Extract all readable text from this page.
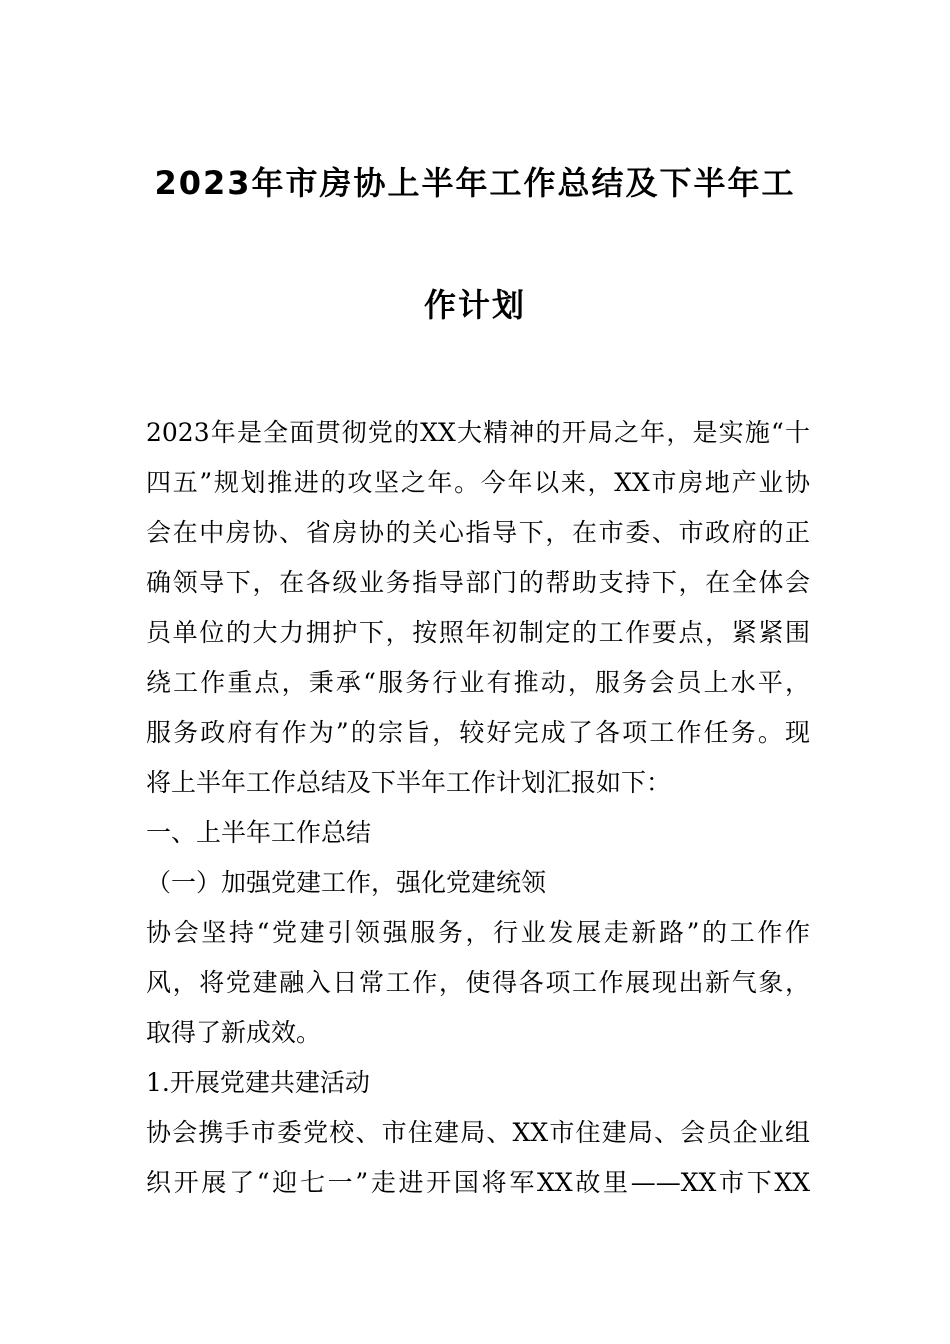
2023年市房协上半年工作总结及下半年工
作计划
2023年是全面贯彻党的XX大精神的开局之年，是实施“十
四五”规划推进的攻坚之年。今年以来，XX市房地产业协
会在中房协、省房协的关心指导下，在市委、市政府的正
确领导下，在各级业务指导部门的帮助支持下，在全体会
员单位的大力拥护下，按照年初制定的工作要点，紧紧围
绕工作重点，秉承“服务行业有推动，服务会员上水平，
服务政府有作为”的宗旨，较好完成了各项工作任务。现
将上半年工作总结及下半年工作计划汇报如下：
一、上半年工作总结
（一）加强党建工作，强化党建统领
协会坚持“党建引领强服务，行业发展走新路”的工作作
风，将党建融入日常工作，使得各项工作展现出新气象，
取得了新成效。
1.开展党建共建活动
协会携手市委党校、市住建局、XX市住建局、会员企业组
织开展了“迎七一”走进开国将军XX故里——XX市下XX
